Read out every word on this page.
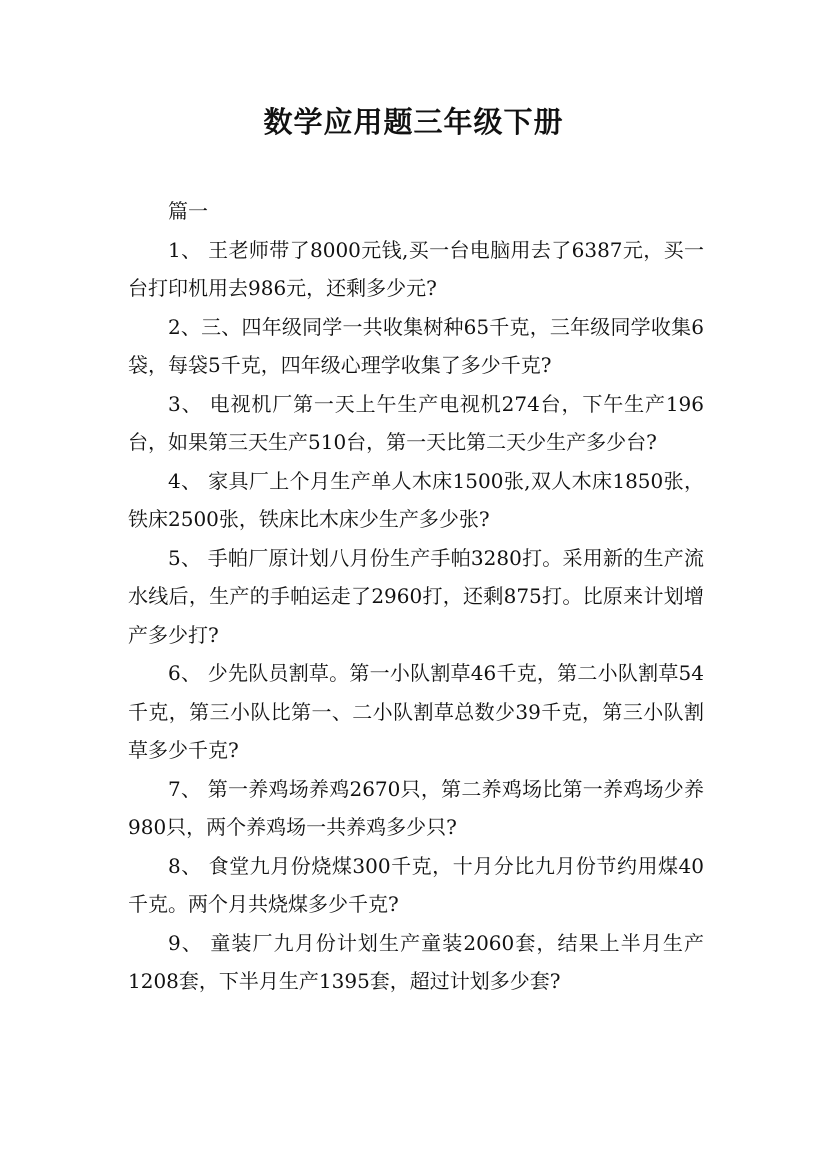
数学应用题三年级下册

篇一

1、 王老师带了8000元钱,买一台电脑用去了6387元，买一台打印机用去986元，还剩多少元?

2、三、四年级同学一共收集树种65千克，三年级同学收集6袋，每袋5千克，四年级心理学收集了多少千克?

3、 电视机厂第一天上午生产电视机274台，下午生产196台，如果第三天生产510台，第一天比第二天少生产多少台?

4、 家具厂上个月生产单人木床1500张,双人木床1850张，铁床2500张，铁床比木床少生产多少张?

5、 手帕厂原计划八月份生产手帕3280打。采用新的生产流水线后，生产的手帕运走了2960打，还剩875打。比原来计划增产多少打?

6、 少先队员割草。第一小队割草46千克，第二小队割草54千克，第三小队比第一、二小队割草总数少39千克，第三小队割草多少千克?

7、 第一养鸡场养鸡2670只，第二养鸡场比第一养鸡场少养980只，两个养鸡场一共养鸡多少只?

8、 食堂九月份烧煤300千克，十月分比九月份节约用煤40千克。两个月共烧煤多少千克?

9、 童装厂九月份计划生产童装2060套，结果上半月生产1208套，下半月生产1395套，超过计划多少套?
